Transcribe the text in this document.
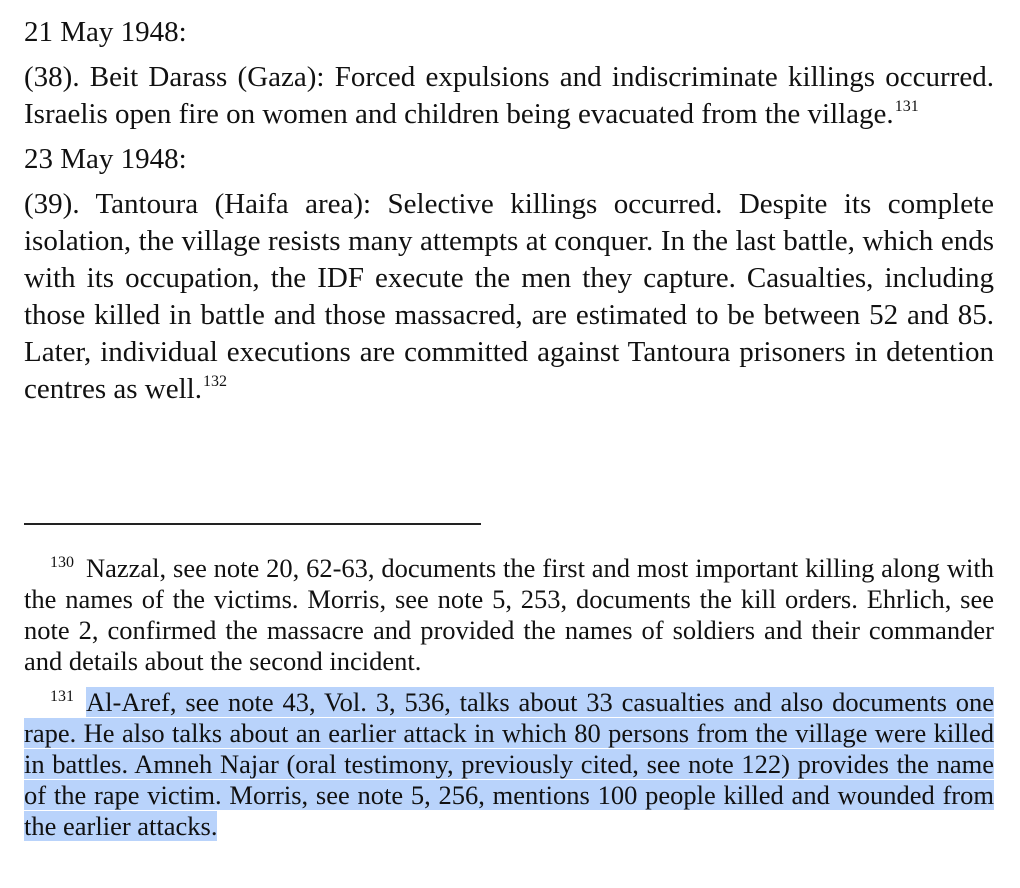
21 May 1948:

(38). Beit Darass (Gaza): Forced expulsions and indiscriminate killings occurred. Israelis open fire on women and children being evacuated from the village.$^{131}$

23 May 1948:

(39). Tantoura (Haifa area): Selective killings occurred. Despite its complete isolation, the village resists many attempts at conquer. In the last battle, which ends with its occupation, the IDF execute the men they capture. Casualties, including those killed in battle and those massacred, are estimated to be between 52 and 85. Later, individual executions are committed against Tantoura prisoners in detention centres as well.$^{132}$

$^{130}$ Nazzal, see note 20, 62-63, documents the first and most important killing along with the names of the victims. Morris, see note 5, 253, documents the kill orders. Ehrlich, see note 2, confirmed the massacre and provided the names of soldiers and their commander and details about the second incident.

$^{131}$ Al-Aref, see note 43, Vol. 3, 536, talks about 33 casualties and also documents one rape. He also talks about an earlier attack in which 80 persons from the village were killed in battles. Amneh Najar (oral testimony, previously cited, see note 122) provides the name of the rape victim. Morris, see note 5, 256, mentions 100 people killed and wounded from the earlier attacks.
